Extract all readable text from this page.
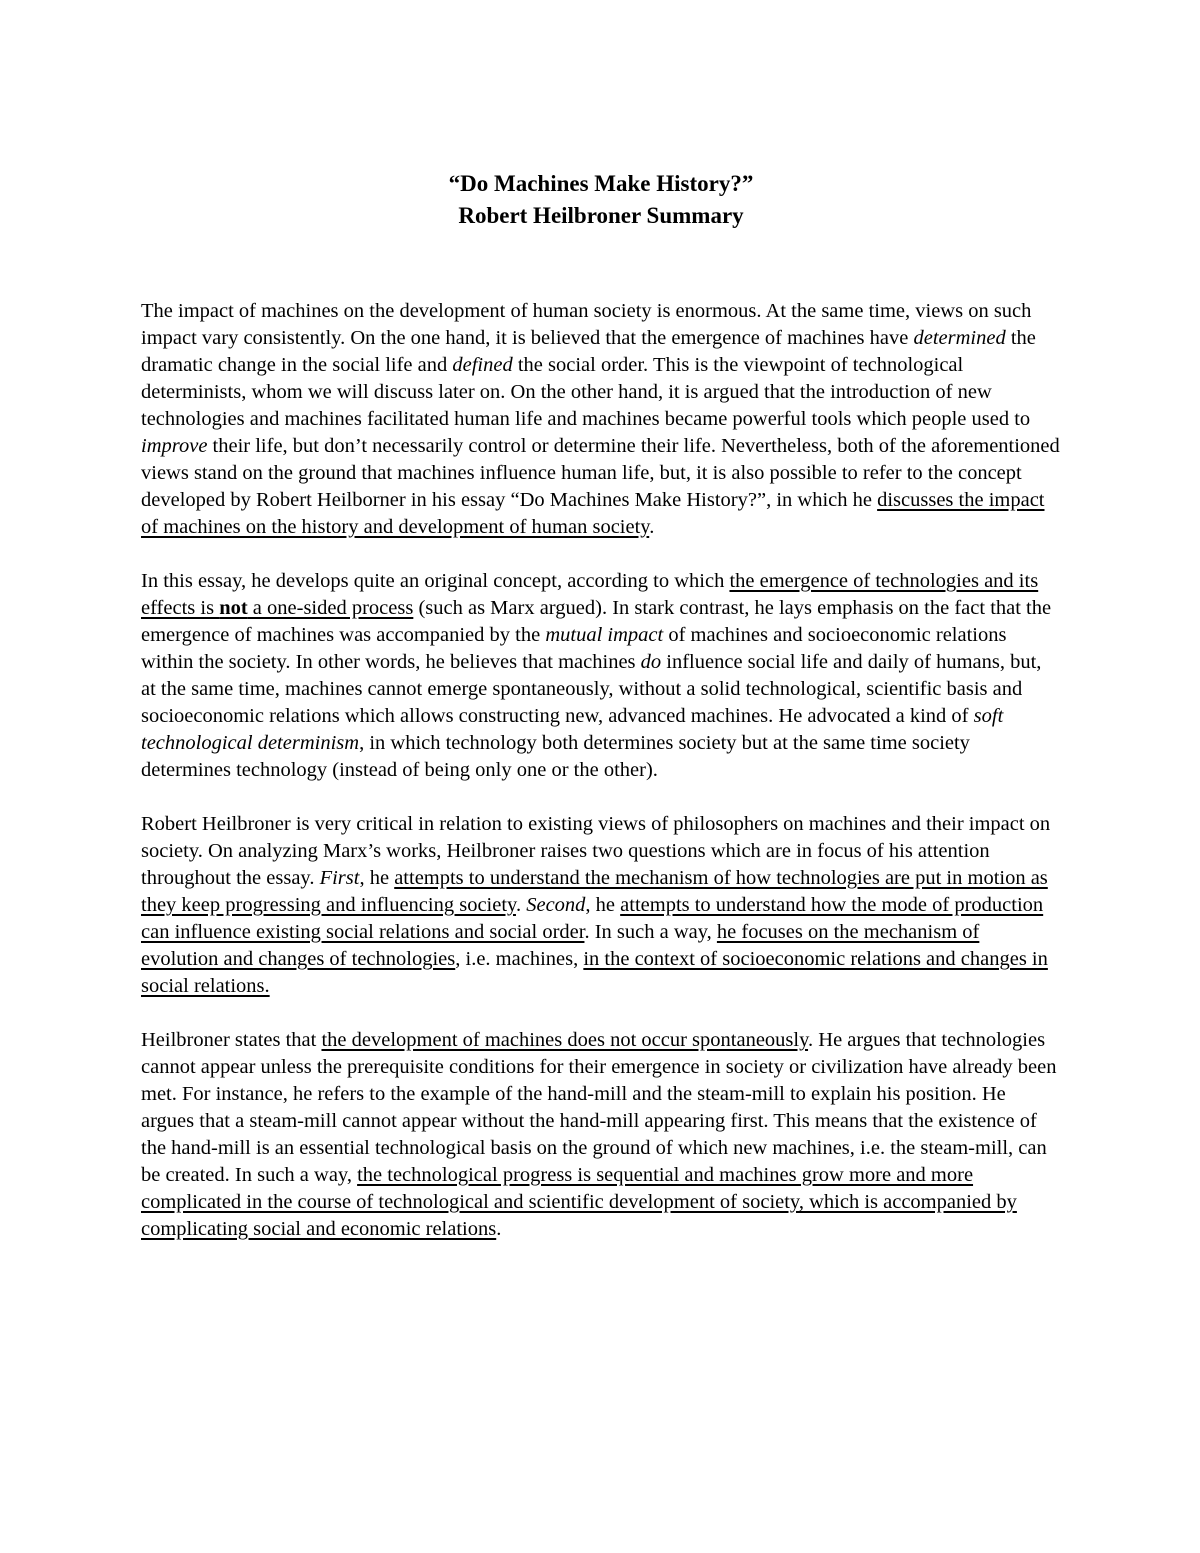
“Do Machines Make History?”
Robert Heilbroner Summary

The impact of machines on the development of human society is enormous. At the same time, views on such impact vary consistently. On the one hand, it is believed that the emergence of machines have determined the dramatic change in the social life and defined the social order. This is the viewpoint of technological determinists, whom we will discuss later on. On the other hand, it is argued that the introduction of new technologies and machines facilitated human life and machines became powerful tools which people used to improve their life, but don’t necessarily control or determine their life. Nevertheless, both of the aforementioned views stand on the ground that machines influence human life, but, it is also possible to refer to the concept developed by Robert Heilborner in his essay “Do Machines Make History?”, in which he discusses the impact of machines on the history and development of human society.

In this essay, he develops quite an original concept, according to which the emergence of technologies and its effects is not a one-sided process (such as Marx argued). In stark contrast, he lays emphasis on the fact that the emergence of machines was accompanied by the mutual impact of machines and socioeconomic relations within the society. In other words, he believes that machines do influence social life and daily of humans, but, at the same time, machines cannot emerge spontaneously, without a solid technological, scientific basis and socioeconomic relations which allows constructing new, advanced machines. He advocated a kind of soft technological determinism, in which technology both determines society but at the same time society determines technology (instead of being only one or the other).

Robert Heilbroner is very critical in relation to existing views of philosophers on machines and their impact on society. On analyzing Marx’s works, Heilbroner raises two questions which are in focus of his attention throughout the essay. First, he attempts to understand the mechanism of how technologies are put in motion as they keep progressing and influencing society. Second, he attempts to understand how the mode of production can influence existing social relations and social order. In such a way, he focuses on the mechanism of evolution and changes of technologies, i.e. machines, in the context of socioeconomic relations and changes in social relations.

Heilbroner states that the development of machines does not occur spontaneously. He argues that technologies cannot appear unless the prerequisite conditions for their emergence in society or civilization have already been met. For instance, he refers to the example of the hand-mill and the steam-mill to explain his position. He argues that a steam-mill cannot appear without the hand-mill appearing first. This means that the existence of the hand-mill is an essential technological basis on the ground of which new machines, i.e. the steam-mill, can be created. In such a way, the technological progress is sequential and machines grow more and more complicated in the course of technological and scientific development of society, which is accompanied by complicating social and economic relations.
